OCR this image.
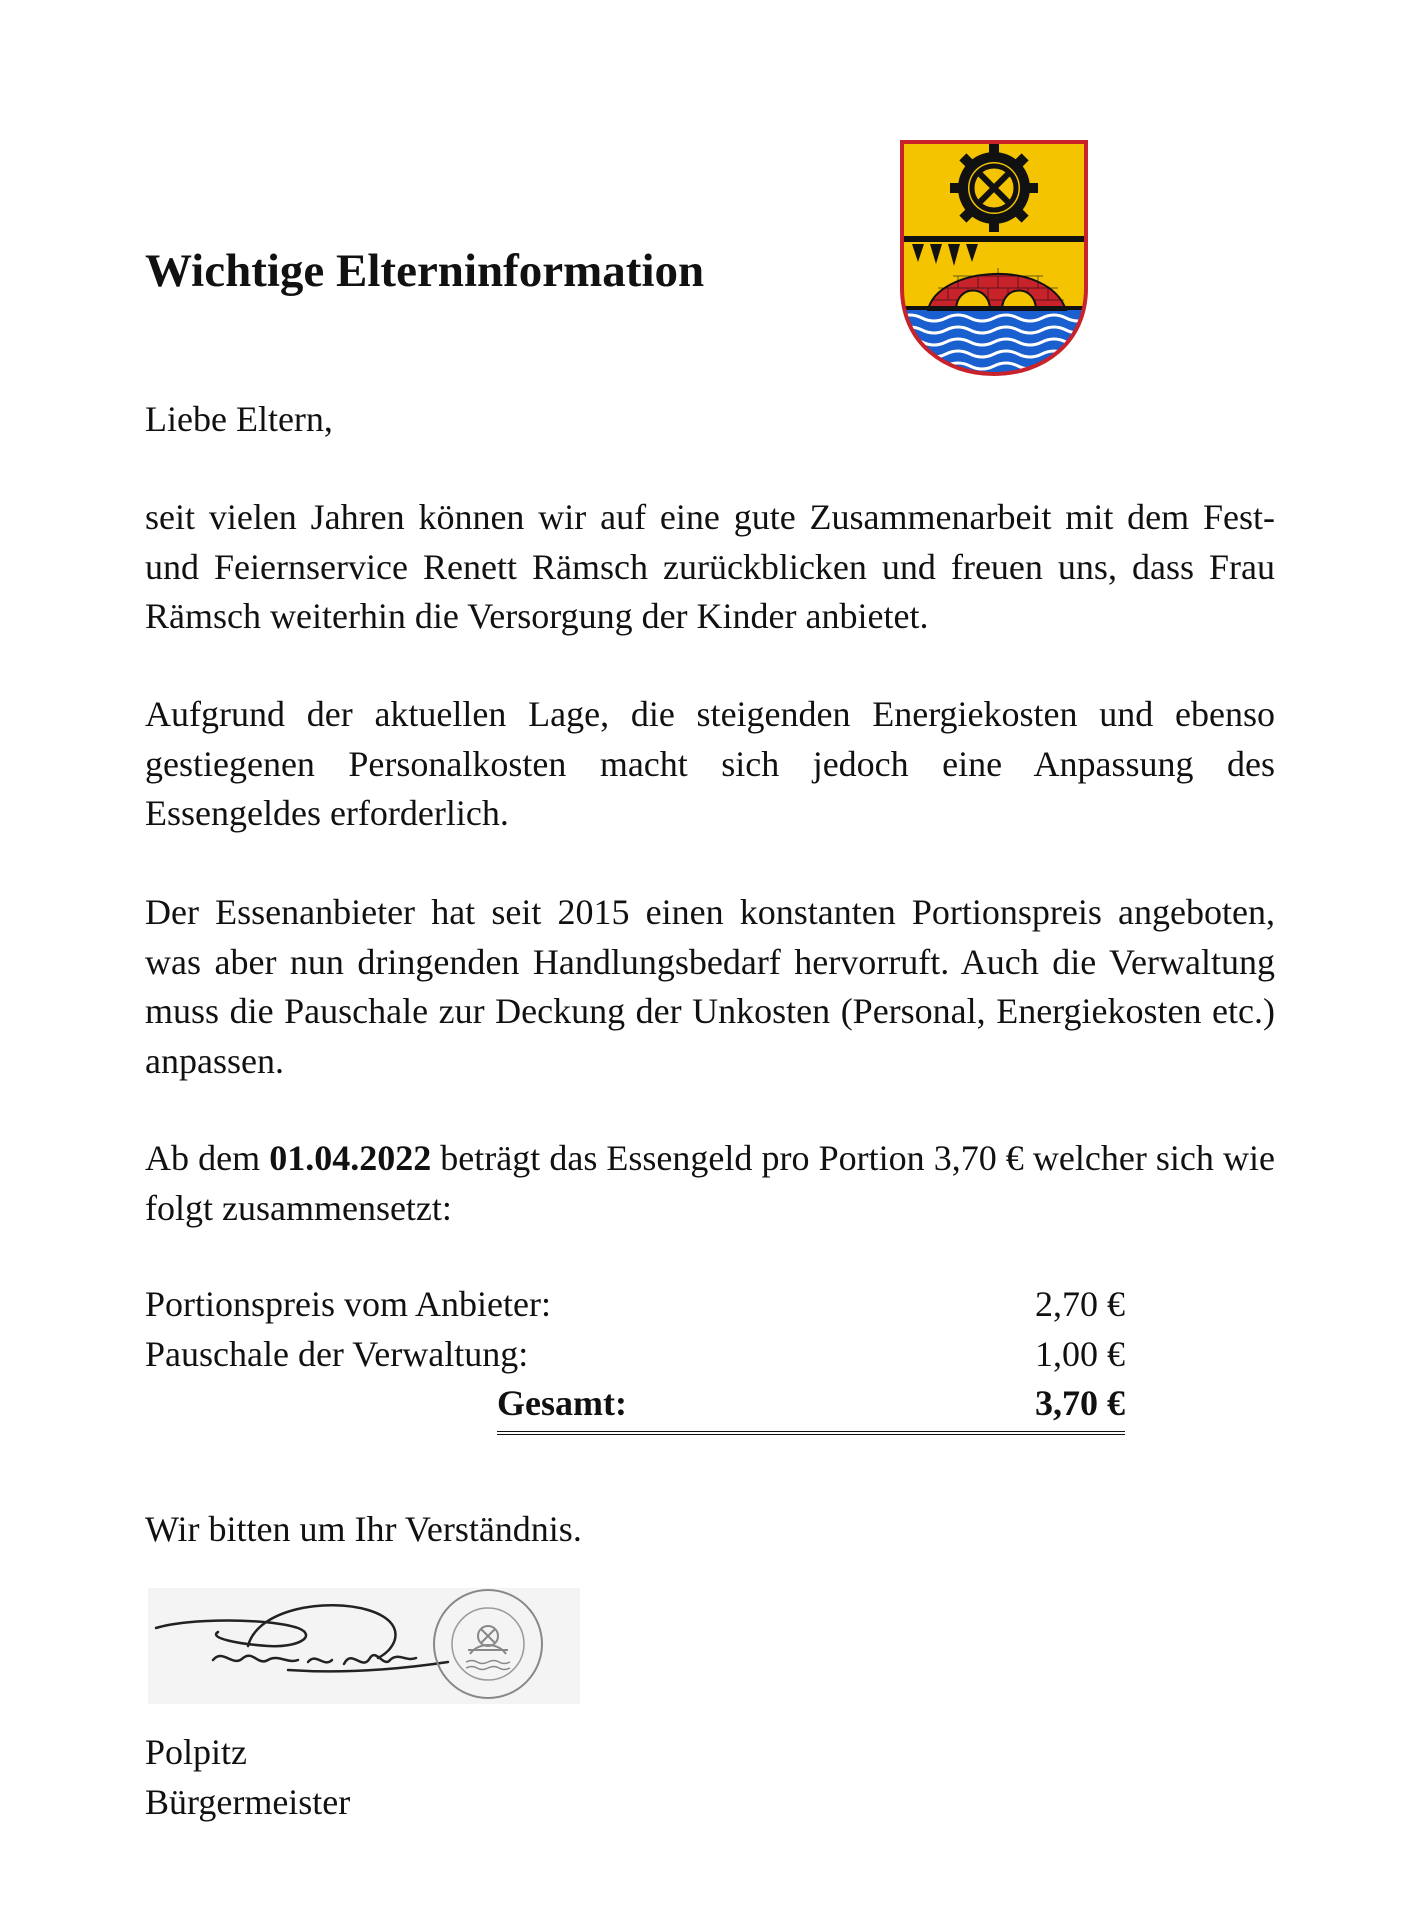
Wichtige Elterninformation

Liebe Eltern,

seit vielen Jahren können wir auf eine gute Zusammenarbeit mit dem Fest- und Feiernservice Renett Rämsch zurückblicken und freuen uns, dass Frau Rämsch weiterhin die Versorgung der Kinder anbietet.

Aufgrund der aktuellen Lage, die steigenden Energiekosten und ebenso gestiegenen Personalkosten macht sich jedoch eine Anpassung des Essengeldes erforderlich.

Der Essenanbieter hat seit 2015 einen konstanten Portionspreis angeboten, was aber nun dringenden Handlungsbedarf hervorruft. Auch die Verwaltung muss die Pauschale zur Deckung der Unkosten (Personal, Energiekosten etc.) anpassen.

Ab dem 01.04.2022 beträgt das Essengeld pro Portion 3,70 € welcher sich wie folgt zusammensetzt:

Portionspreis vom Anbieter:	2,70 €
Pauschale der Verwaltung:	1,00 €
Gesamt:	3,70 €

Wir bitten um Ihr Verständnis.

Polpitz

Bürgermeister
